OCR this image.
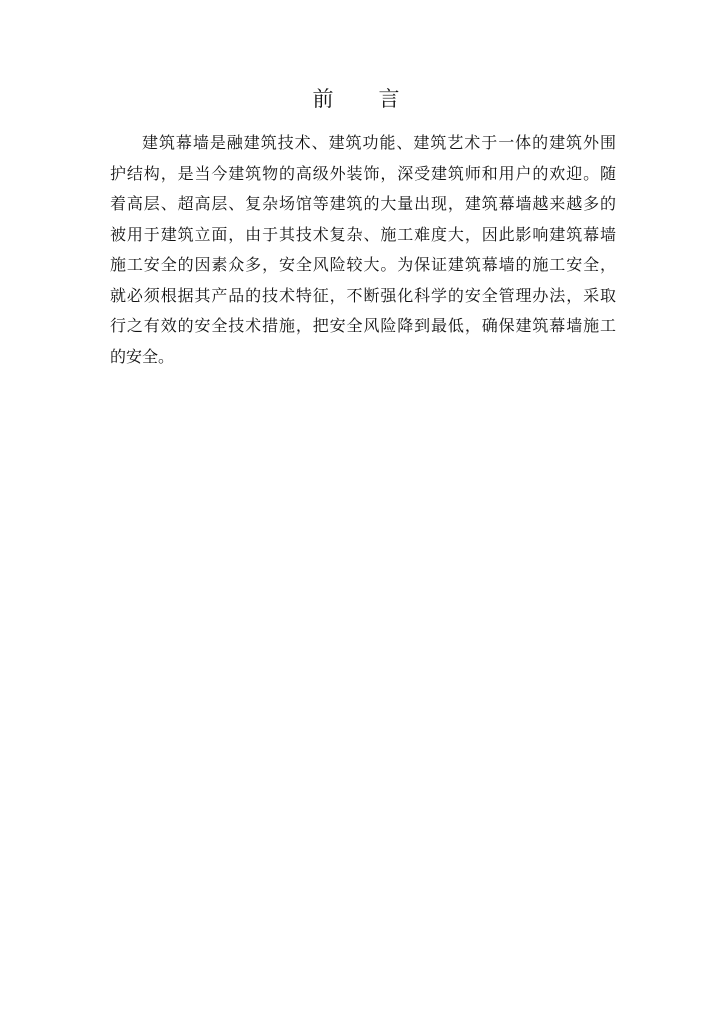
前　言

建筑幕墙是融建筑技术、建筑功能、建筑艺术于一体的建筑外围
护结构，是当今建筑物的高级外装饰，深受建筑师和用户的欢迎。随
着高层、超高层、复杂场馆等建筑的大量出现，建筑幕墙越来越多的
被用于建筑立面，由于其技术复杂、施工难度大，因此影响建筑幕墙
施工安全的因素众多，安全风险较大。为保证建筑幕墙的施工安全，
就必须根据其产品的技术特征，不断强化科学的安全管理办法，采取
行之有效的安全技术措施，把安全风险降到最低，确保建筑幕墙施工
的安全。
